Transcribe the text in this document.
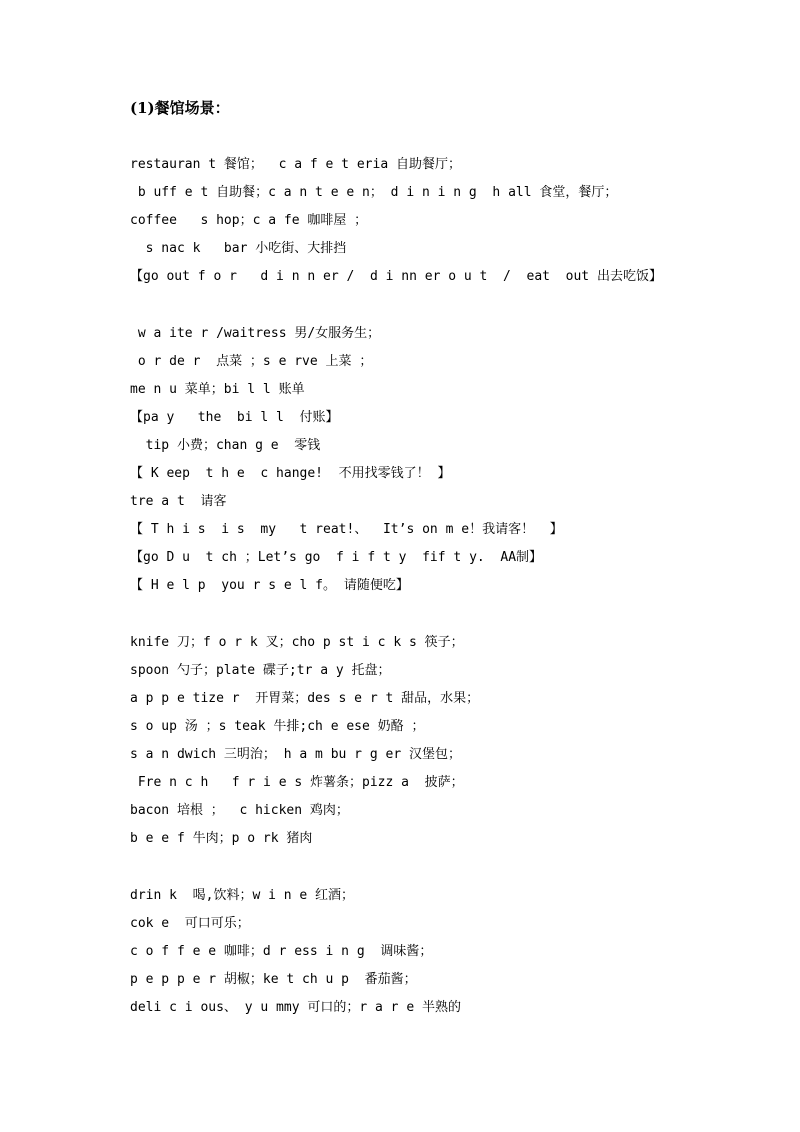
(1)餐馆场景：
restauran t 餐馆；  c a f e t eria 自助餐厅；
b uff e t 自助餐；c a n t e e n； d i n i n g  h all 食堂，餐厅；
coffee   s hop；c a fe 咖啡屋 ；
s nac k   bar 小吃街、大排挡
【go out f o r   d i n n er /  d i nn er o u t  /  eat  out 出去吃饭】
w a ite r /waitress 男/女服务生；
o r de r  点菜 ；s e rve 上菜 ；
me n u 菜单；bi l l 账单
【pa y   the  bi l l  付账】
tip 小费；chan g e  零钱
【 K eep  t h e  c hange!  不用找零钱了！ 】
tre a t  请客
【 T h i s  i s  my   t reat!、  It’s on m e！我请客！  】
【go D u  t ch ；Let’s go  f i f t y  fif t y.  AA制】
【 H e l p  you r s e l f。 请随便吃】
knife 刀；f o r k 叉；cho p st i c k s 筷子；
spoon 勺子；plate 碟子;tr a y 托盘；
a p p e tize r  开胃菜；des s e r t 甜品，水果；
s o up 汤 ；s teak 牛排;ch e ese 奶酪 ；
s a n dwich 三明治； h a m bu r g er 汉堡包；
Fre n c h   f r i e s 炸薯条；pizz a  披萨；
bacon 培根 ；  c hicken 鸡肉；
b e e f 牛肉；p o rk 猪肉
drin k  喝,饮料；w i n e 红酒；
cok e  可口可乐；
c o f f e e 咖啡；d r ess i n g  调味酱；
p e p p e r 胡椒；ke t ch u p  番茄酱；
deli c i ous、 y u mmy 可口的；r a r e 半熟的
